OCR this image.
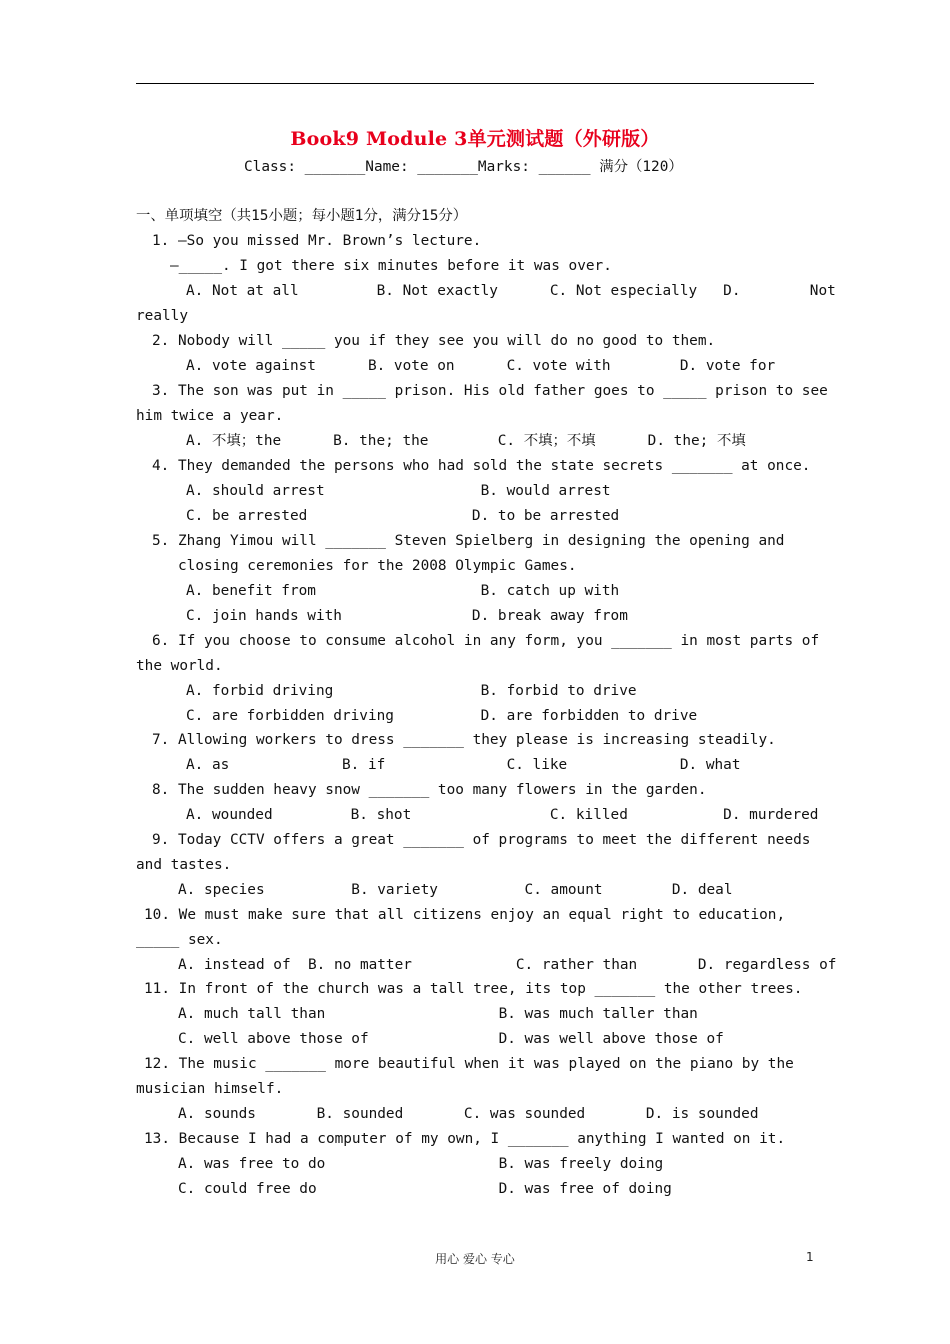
Book9 Module 3单元测试题（外研版）
Class: _______Name: _______Marks: ______ 满分（120）
一、单项填空（共15小题；每小题1分，满分15分）
1. —So you missed Mr. Brown’s lecture.
—_____. I got there six minutes before it was over.
A. Not at all         B. Not exactly      C. Not especially   D.        Not
really
2. Nobody will _____ you if they see you will do no good to them.
A. vote against      B. vote on      C. vote with        D. vote for
3. The son was put in _____ prison. His old father goes to _____ prison to see
him twice a year.
A. 不填；the      B. the; the        C. 不填；不填      D. the; 不填
4. They demanded the persons who had sold the state secrets _______ at once.
A. should arrest                  B. would arrest
C. be arrested                   D. to be arrested
5. Zhang Yimou will _______ Steven Spielberg in designing the opening and
closing ceremonies for the 2008 Olympic Games.
A. benefit from                   B. catch up with
C. join hands with               D. break away from
6. If you choose to consume alcohol in any form, you _______ in most parts of
the world.
A. forbid driving                 B. forbid to drive
C. are forbidden driving          D. are forbidden to drive
7. Allowing workers to dress _______ they please is increasing steadily.
A. as             B. if              C. like             D. what
8. The sudden heavy snow _______ too many flowers in the garden.
A. wounded         B. shot                C. killed           D. murdered
9. Today CCTV offers a great _______ of programs to meet the different needs
and tastes.
A. species          B. variety          C. amount        D. deal
10. We must make sure that all citizens enjoy an equal right to education,
_____ sex.
A. instead of  B. no matter            C. rather than       D. regardless of
11. In front of the church was a tall tree, its top _______ the other trees.
A. much tall than                    B. was much taller than
C. well above those of               D. was well above those of
12. The music _______ more beautiful when it was played on the piano by the
musician himself.
A. sounds       B. sounded       C. was sounded       D. is sounded
13. Because I had a computer of my own, I _______ anything I wanted on it.
A. was free to do                    B. was freely doing
C. could free do                     D. was free of doing
用心 爱心 专心	1
